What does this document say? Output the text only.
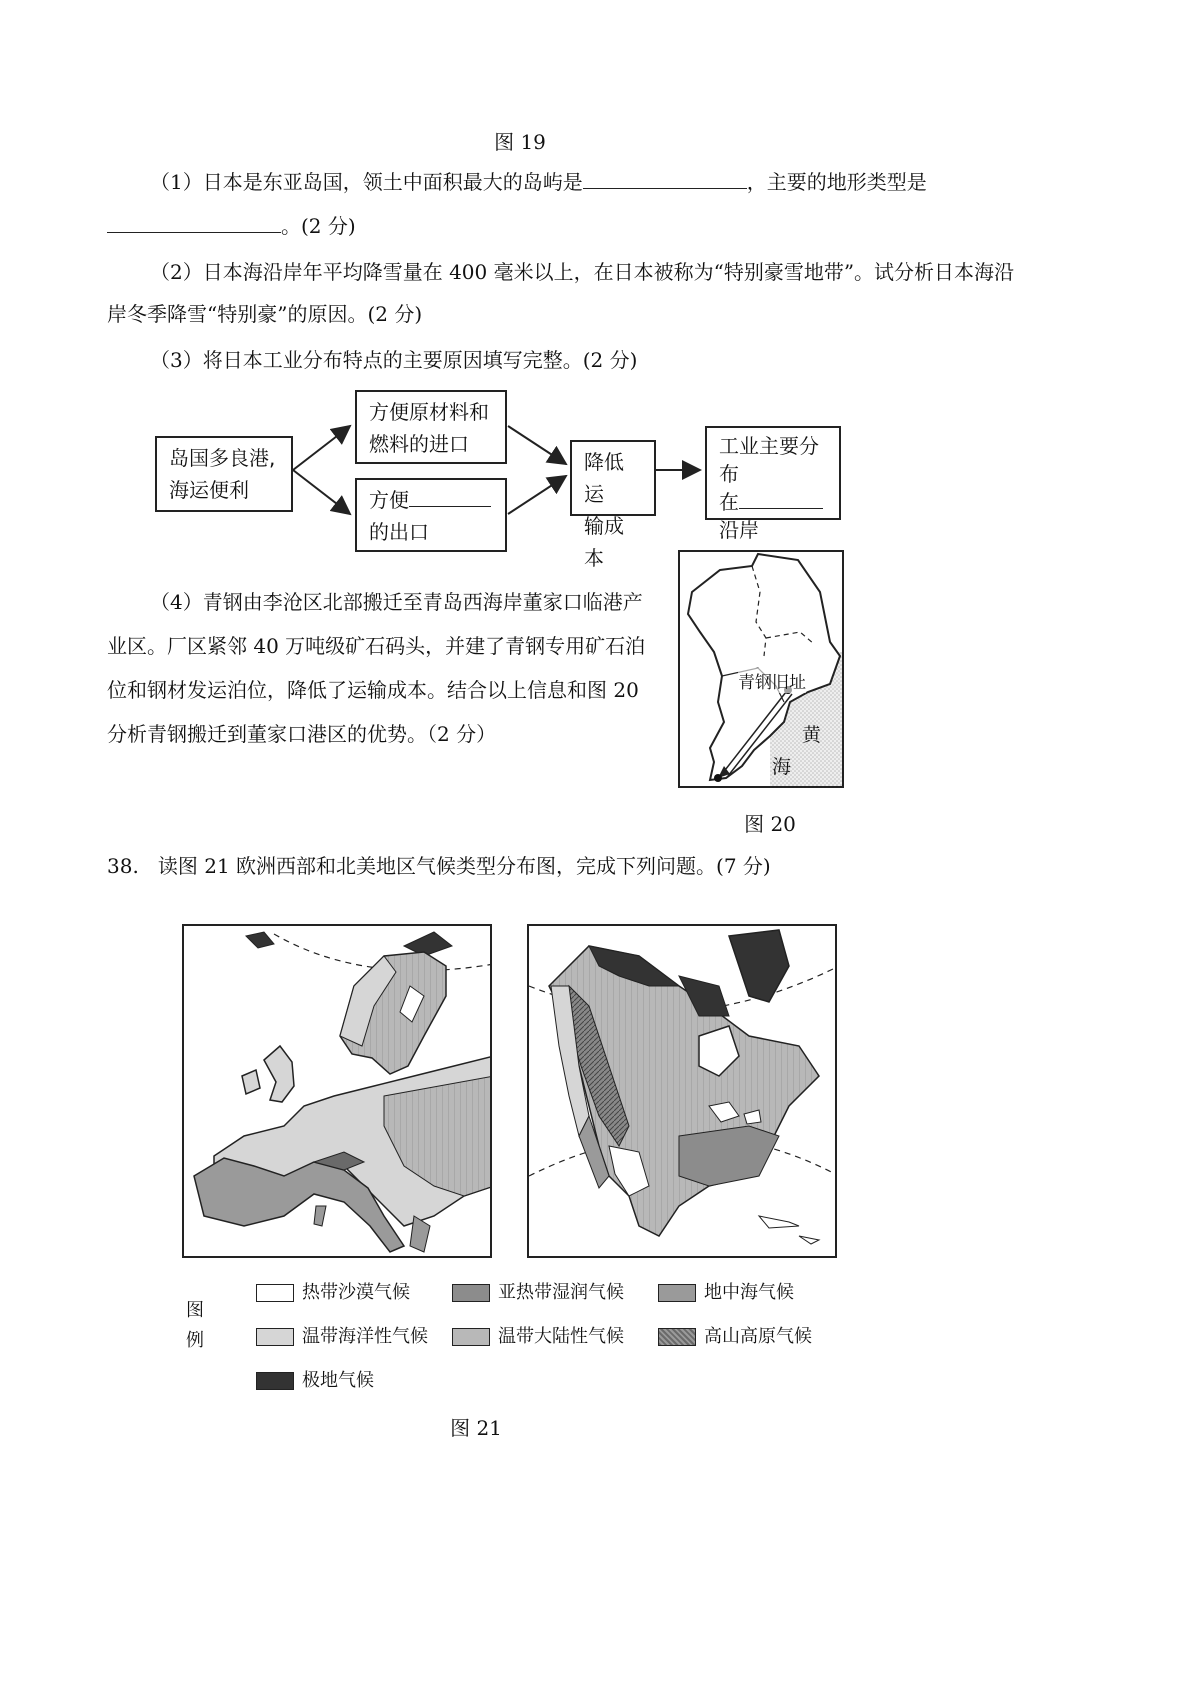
图 19
（1）日本是东亚岛国，领土中面积最大的岛屿是	，主要的地形类型是
。(2 分)
（2）日本海沿岸年平均降雪量在 400 毫米以上，在日本被称为“特别豪雪地带”。试分析日本海沿
岸冬季降雪“特别豪”的原因。(2 分)
（3）将日本工业分布特点的主要原因填写完整。(2 分)
岛国多良港,
海运便利
方便原材料和
燃料的进口
方便
的出口
降低运
输成本
工业主要分布
在
沿岸
（4）青钢由李沧区北部搬迁至青岛西海岸董家口临港产
业区。厂区紧邻 40 万吨级矿石码头，并建了青钢专用矿石泊
位和钢材发运泊位，降低了运输成本。结合以上信息和图 20
分析青钢搬迁到董家口港区的优势。（2 分）
青钢旧址
黄
海
图 20
38.   读图 21 欧洲西部和北美地区气候类型分布图，完成下列问题。(7 分)
图
例
热带沙漠气候	亚热带湿润气候	地中海气候
温带海洋性气候	温带大陆性气候	高山高原气候
极地气候
图 21
